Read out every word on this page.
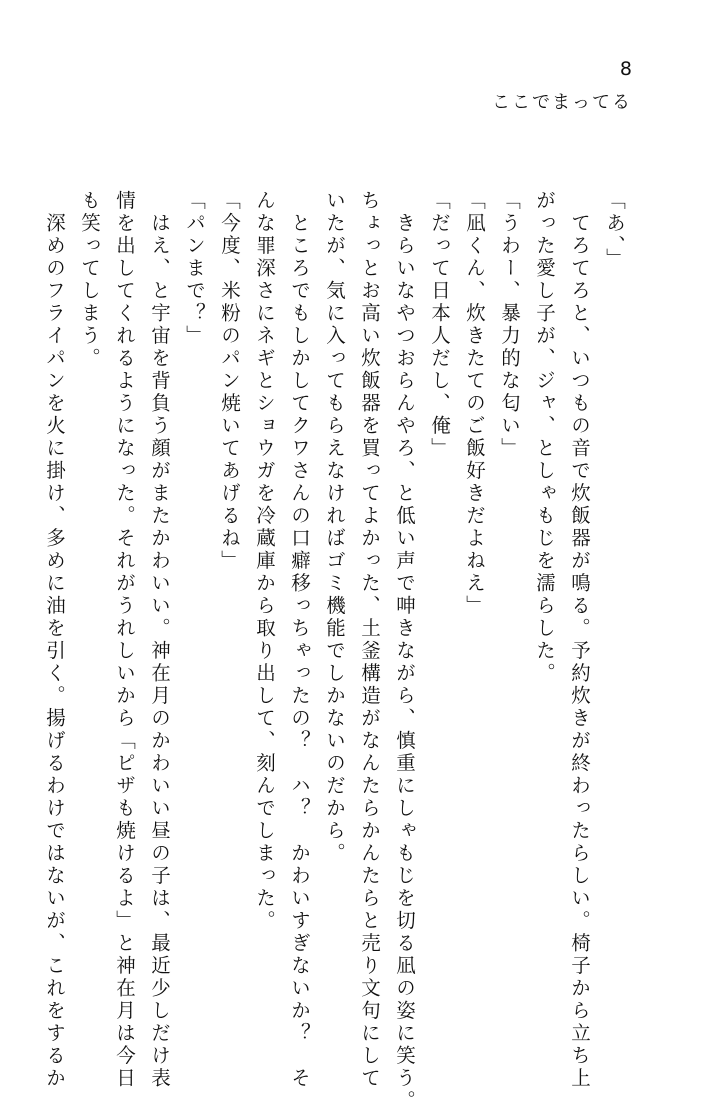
8
ここでまってる
「あ、」
　てろてろと、いつもの音で炊飯器が鳴る。予約炊きが終わったらしい。椅子から立ち上
がった愛し子が、ジャ、としゃもじを濡らした。
「うわー、暴力的な匂い」
「凪くん、炊きたてのご飯好きだよねえ」
「だって日本人だし、俺」
　きらいなやつおらんやろ、と低い声で呻きながら、慎重にしゃもじを切る凪の姿に笑う。
ちょっとお高い炊飯器を買ってよかった、土釜構造がなんたらかんたらと売り文句にして
いたが、気に入ってもらえなければゴミ機能でしかないのだから。
　ところでもしかしてクワさんの口癖移っちゃったの？　ハ？　かわいすぎないか？　そ
んな罪深さにネギとショウガを冷蔵庫から取り出して、刻んでしまった。
「今度、米粉のパン焼いてあげるね」
「パンまで？」
　はえ、と宇宙を背負う顔がまたかわいい。神在月のかわいい昼の子は、最近少しだけ表
情を出してくれるようになった。それがうれしいから「ピザも焼けるよ」と神在月は今日
も笑ってしまう。
　深めのフライパンを火に掛け、多めに油を引く。揚げるわけではないが、これをするか
